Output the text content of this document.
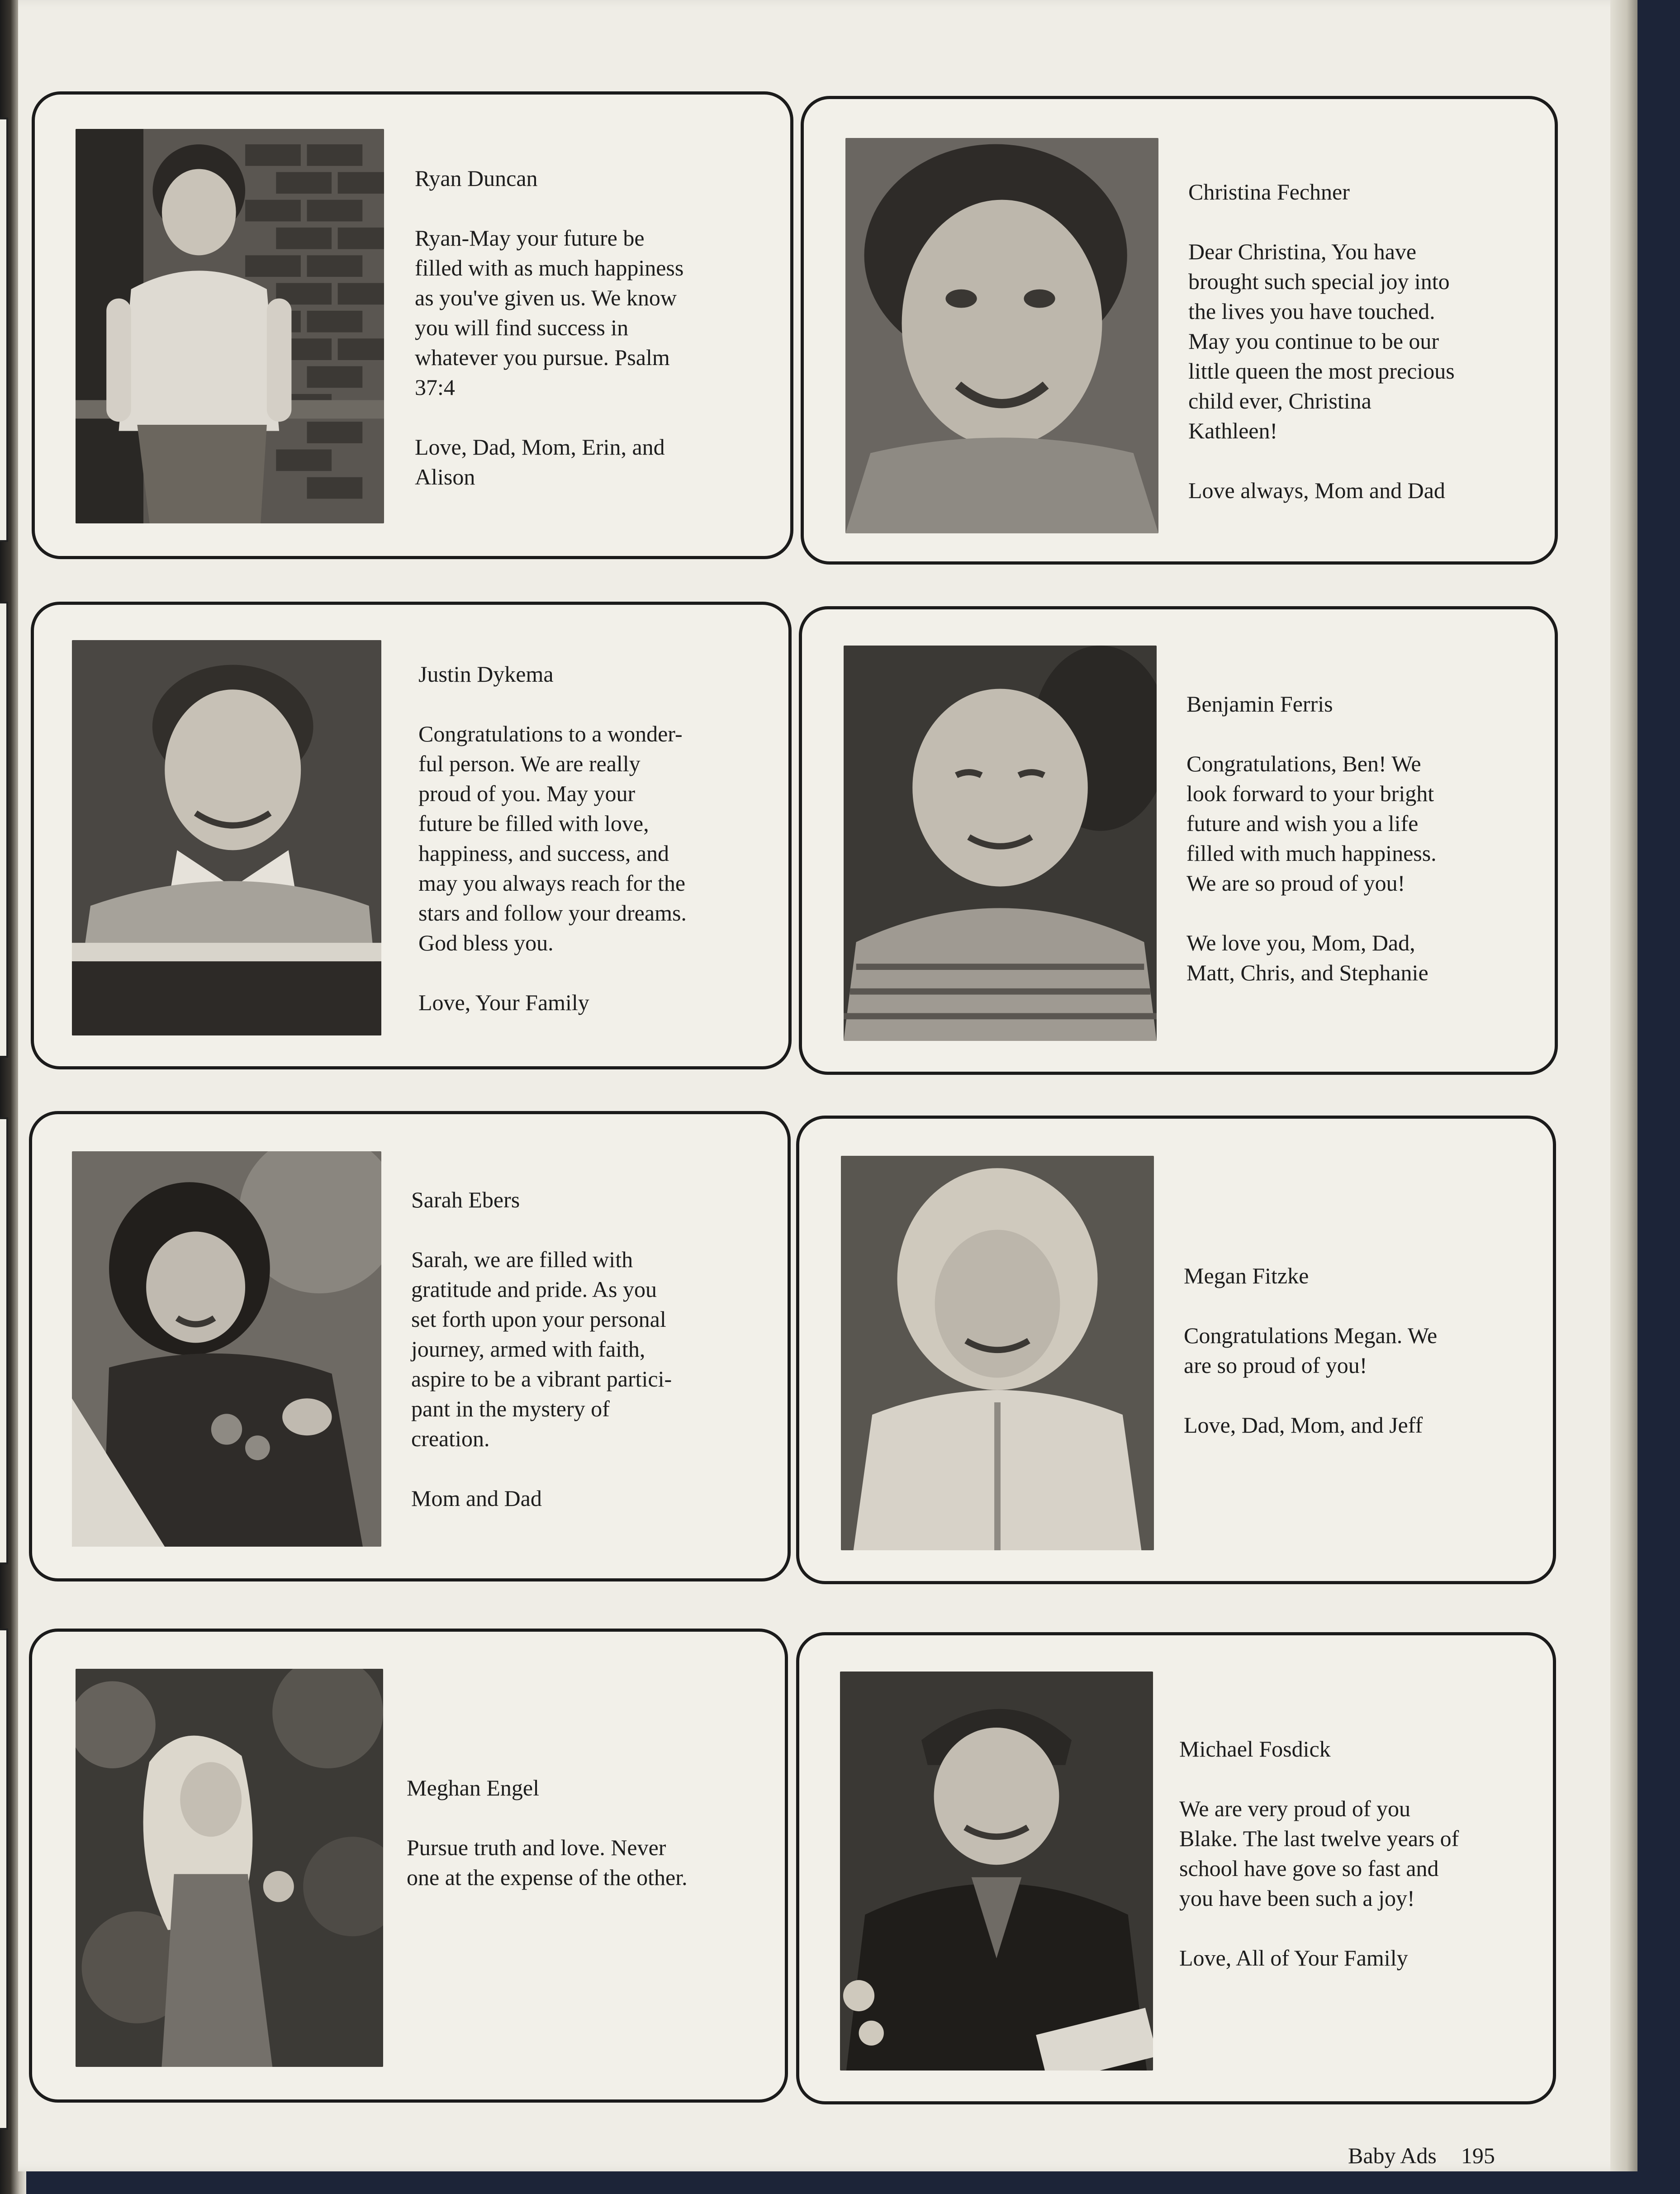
Ryan Duncan
Ryan-May your future be
filled with as much happiness
as you've given us. We know
you will find success in
whatever you pursue. Psalm
37:4
Love, Dad, Mom, Erin, and
Alison
Christina Fechner
Dear Christina, You have
brought such special joy into
the lives you have touched.
May you continue to be our
little queen the most precious
child ever, Christina
Kathleen!
Love always, Mom and Dad
Justin Dykema
Congratulations to a wonder-
ful person. We are really
proud of you. May your
future be filled with love,
happiness, and success, and
may you always reach for the
stars and follow your dreams.
God bless you.
Love, Your Family
Benjamin Ferris
Congratulations, Ben! We
look forward to your bright
future and wish you a life
filled with much happiness.
We are so proud of you!
We love you, Mom, Dad,
Matt, Chris, and Stephanie
Sarah Ebers
Sarah, we are filled with
gratitude and pride. As you
set forth upon your personal
journey, armed with faith,
aspire to be a vibrant partici-
pant in the mystery of
creation.
Mom and Dad
Megan Fitzke
Congratulations Megan. We
are so proud of you!
Love, Dad, Mom, and Jeff
Meghan Engel
Pursue truth and love. Never
one at the expense of the other.
Michael Fosdick
We are very proud of you
Blake. The last twelve years of
school have gove so fast and
you have been such a joy!
Love, All of Your Family
Baby Ads 195
